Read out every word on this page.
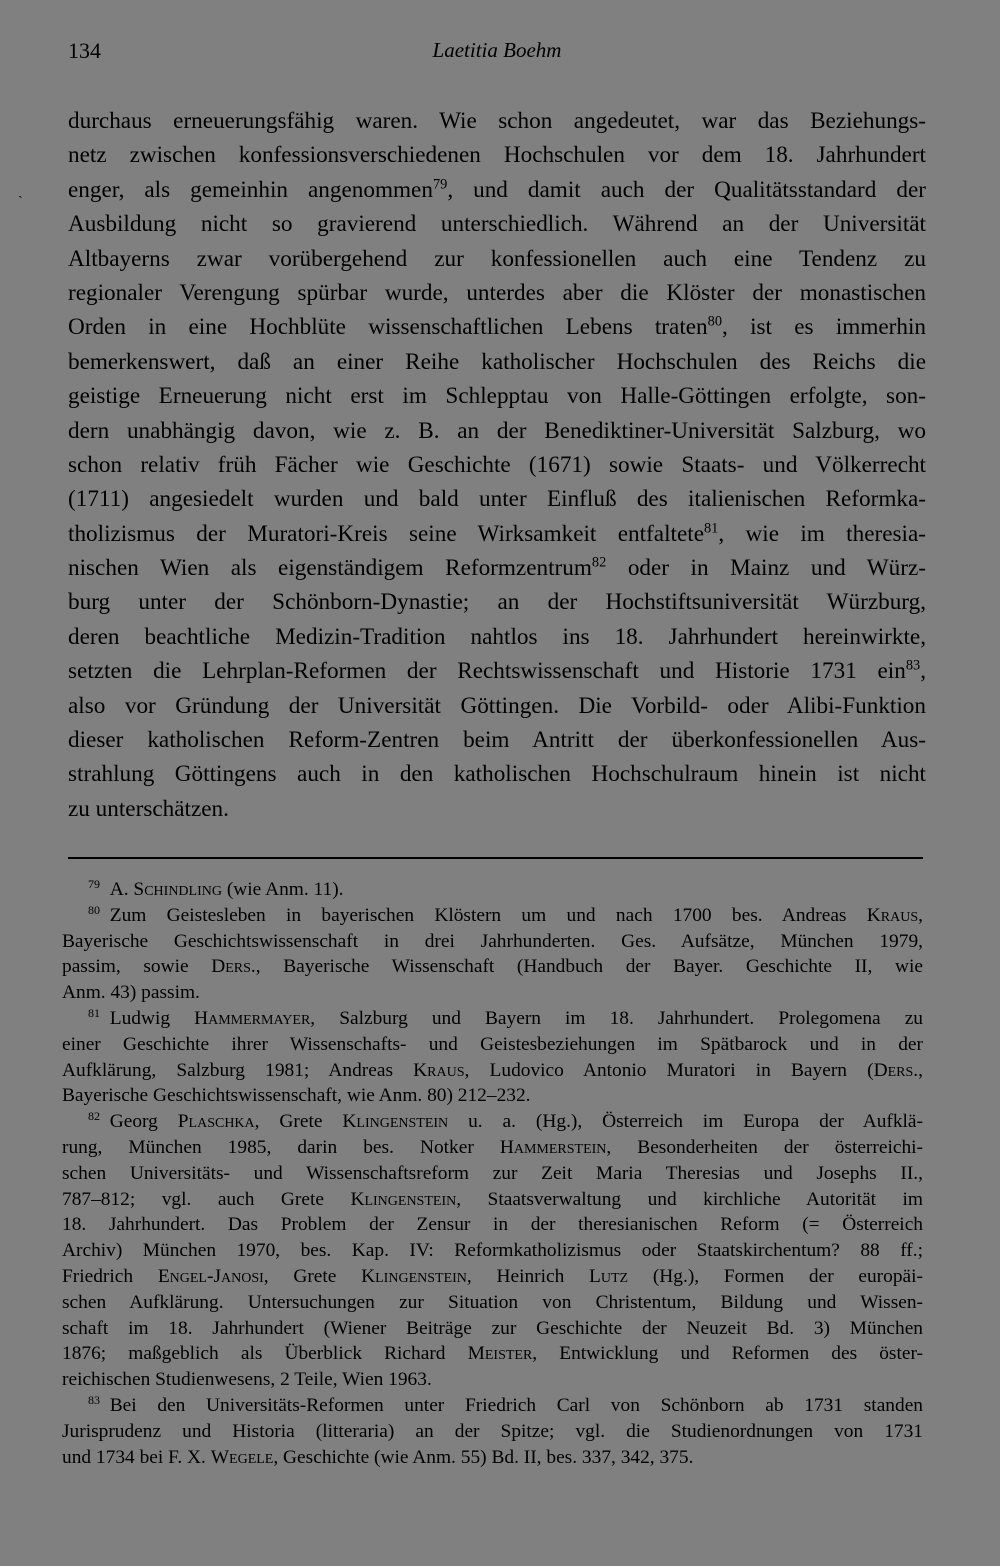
134	Laetitia Boehm
ˎ
durchaus erneuerungsfähig waren. Wie schon angedeutet, war das Beziehungs-
netz zwischen konfessionsverschiedenen Hochschulen vor dem 18. Jahrhundert
enger, als gemeinhin angenommen$^{79}$, und damit auch der Qualitätsstandard der
Ausbildung nicht so gravierend unterschiedlich. Während an der Universität
Altbayerns zwar vorübergehend zur konfessionellen auch eine Tendenz zu
regionaler Verengung spürbar wurde, unterdes aber die Klöster der monastischen
Orden in eine Hochblüte wissenschaftlichen Lebens traten$^{80}$, ist es immerhin
bemerkenswert, daß an einer Reihe katholischer Hochschulen des Reichs die
geistige Erneuerung nicht erst im Schlepptau von Halle-Göttingen erfolgte, son-
dern unabhängig davon, wie z. B. an der Benediktiner-Universität Salzburg, wo
schon relativ früh Fächer wie Geschichte (1671) sowie Staats- und Völkerrecht
(1711) angesiedelt wurden und bald unter Einfluß des italienischen Reformka-
tholizismus der Muratori-Kreis seine Wirksamkeit entfaltete$^{81}$, wie im theresia-
nischen Wien als eigenständigem Reformzentrum$^{82}$ oder in Mainz und Würz-
burg unter der Schönborn-Dynastie; an der Hochstiftsuniversität Würzburg,
deren beachtliche Medizin-Tradition nahtlos ins 18. Jahrhundert hereinwirkte,
setzten die Lehrplan-Reformen der Rechtswissenschaft und Historie 1731 ein$^{83}$,
also vor Gründung der Universität Göttingen. Die Vorbild- oder Alibi-Funktion
dieser katholischen Reform-Zentren beim Antritt der überkonfessionellen Aus-
strahlung Göttingens auch in den katholischen Hochschulraum hinein ist nicht
zu unterschätzen.
$^{79}$  A. Schindling (wie Anm. 11).
$^{80}$  Zum Geistesleben in bayerischen Klöstern um und nach 1700 bes. Andreas Kraus,
Bayerische Geschichtswissenschaft in drei Jahrhunderten. Ges. Aufsätze, München 1979,
passim, sowie Ders., Bayerische Wissenschaft (Handbuch der Bayer. Geschichte II, wie
Anm. 43) passim.
$^{81}$  Ludwig Hammermayer, Salzburg und Bayern im 18. Jahrhundert. Prolegomena zu
einer Geschichte ihrer Wissenschafts- und Geistesbeziehungen im Spätbarock und in der
Aufklärung, Salzburg 1981; Andreas Kraus, Ludovico Antonio Muratori in Bayern (Ders.,
Bayerische Geschichtswissenschaft, wie Anm. 80) 212–232.
$^{82}$  Georg Plaschka, Grete Klingenstein u. a. (Hg.), Österreich im Europa der Aufklä-
rung, München 1985, darin bes. Notker Hammerstein, Besonderheiten der österreichi-
schen Universitäts- und Wissenschaftsreform zur Zeit Maria Theresias und Josephs II.,
787–812; vgl. auch Grete Klingenstein, Staatsverwaltung und kirchliche Autorität im
18. Jahrhundert. Das Problem der Zensur in der theresianischen Reform (= Österreich
Archiv) München 1970, bes. Kap. IV: Reformkatholizismus oder Staatskirchentum? 88 ff.;
Friedrich Engel-Janosi, Grete Klingenstein, Heinrich Lutz (Hg.), Formen der europäi-
schen Aufklärung. Untersuchungen zur Situation von Christentum, Bildung und Wissen-
schaft im 18. Jahrhundert (Wiener Beiträge zur Geschichte der Neuzeit Bd. 3) München
1876; maßgeblich als Überblick Richard Meister, Entwicklung und Reformen des öster-
reichischen Studienwesens, 2 Teile, Wien 1963.
$^{83}$  Bei den Universitäts-Reformen unter Friedrich Carl von Schönborn ab 1731 standen
Jurisprudenz und Historia (litteraria) an der Spitze; vgl. die Studienordnungen von 1731
und 1734 bei F. X. Wegele, Geschichte (wie Anm. 55) Bd. II, bes. 337, 342, 375.
